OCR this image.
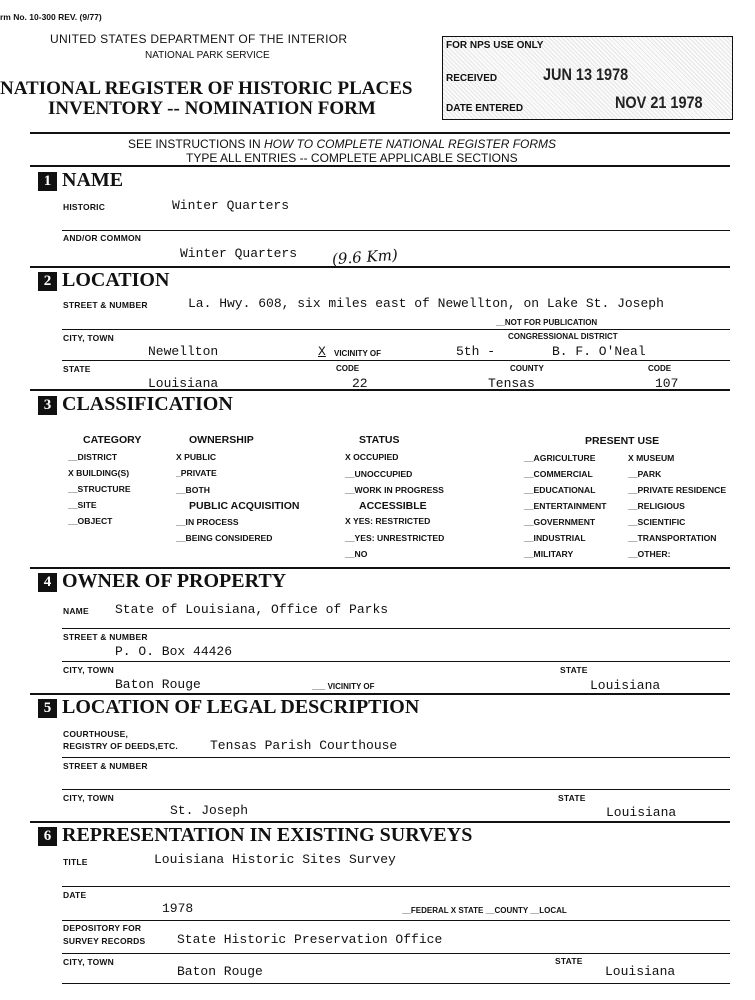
rm No. 10-300 REV. (9/77)
UNITED STATES DEPARTMENT OF THE INTERIOR
NATIONAL PARK SERVICE
NATIONAL REGISTER OF HISTORIC PLACES
INVENTORY -- NOMINATION FORM
FOR NPS USE ONLY
RECEIVED	JUN 13 1978
DATE ENTERED	NOV 21 1978
SEE INSTRUCTIONS IN HOW TO COMPLETE NATIONAL REGISTER FORMS
TYPE ALL ENTRIES -- COMPLETE APPLICABLE SECTIONS
1 NAME
HISTORIC	Winter Quarters
AND/OR COMMON
Winter Quarters (9.6 Km)
2 LOCATION
STREET & NUMBER	La. Hwy. 608, six miles east of Newellton, on Lake St. Joseph
__NOT FOR PUBLICATION
CITY, TOWN	CONGRESSIONAL DISTRICT
Newellton	X VICINITY OF	5th -	B. F. O'Neal
STATE	CODE	COUNTY	CODE
Louisiana	22	Tensas	107
3 CLASSIFICATION
CATEGORY
__DISTRICT
X BUILDING(S)
__STRUCTURE
__SITE
__OBJECT
OWNERSHIP
X PUBLIC
_PRIVATE
__BOTH
PUBLIC ACQUISITION
__IN PROCESS
__BEING CONSIDERED
STATUS
X OCCUPIED
__UNOCCUPIED
__WORK IN PROGRESS
ACCESSIBLE
X YES: RESTRICTED
__YES: UNRESTRICTED
__NO
PRESENT USE
__AGRICULTURE
__COMMERCIAL
__EDUCATIONAL
__ENTERTAINMENT
__GOVERNMENT
__INDUSTRIAL
__MILITARY
X MUSEUM
__PARK
__PRIVATE RESIDENCE
__RELIGIOUS
__SCIENTIFIC
__TRANSPORTATION
__OTHER:
4 OWNER OF PROPERTY
NAME State of Louisiana, Office of Parks
STREET & NUMBER
P. O. Box 44426
CITY, TOWN	STATE
Baton Rouge	___ VICINITY OF	Louisiana
5 LOCATION OF LEGAL DESCRIPTION
COURTHOUSE,
REGISTRY OF DEEDS,ETC. Tensas Parish Courthouse
STREET & NUMBER
CITY, TOWN	STATE
St. Joseph	Louisiana
6 REPRESENTATION IN EXISTING SURVEYS
TITLE	Louisiana Historic Sites Survey
DATE
1978	__FEDERAL X STATE __COUNTY __LOCAL
DEPOSITORY FOR
SURVEY RECORDS State Historic Preservation Office
CITY, TOWN	STATE
Baton Rouge	Louisiana
